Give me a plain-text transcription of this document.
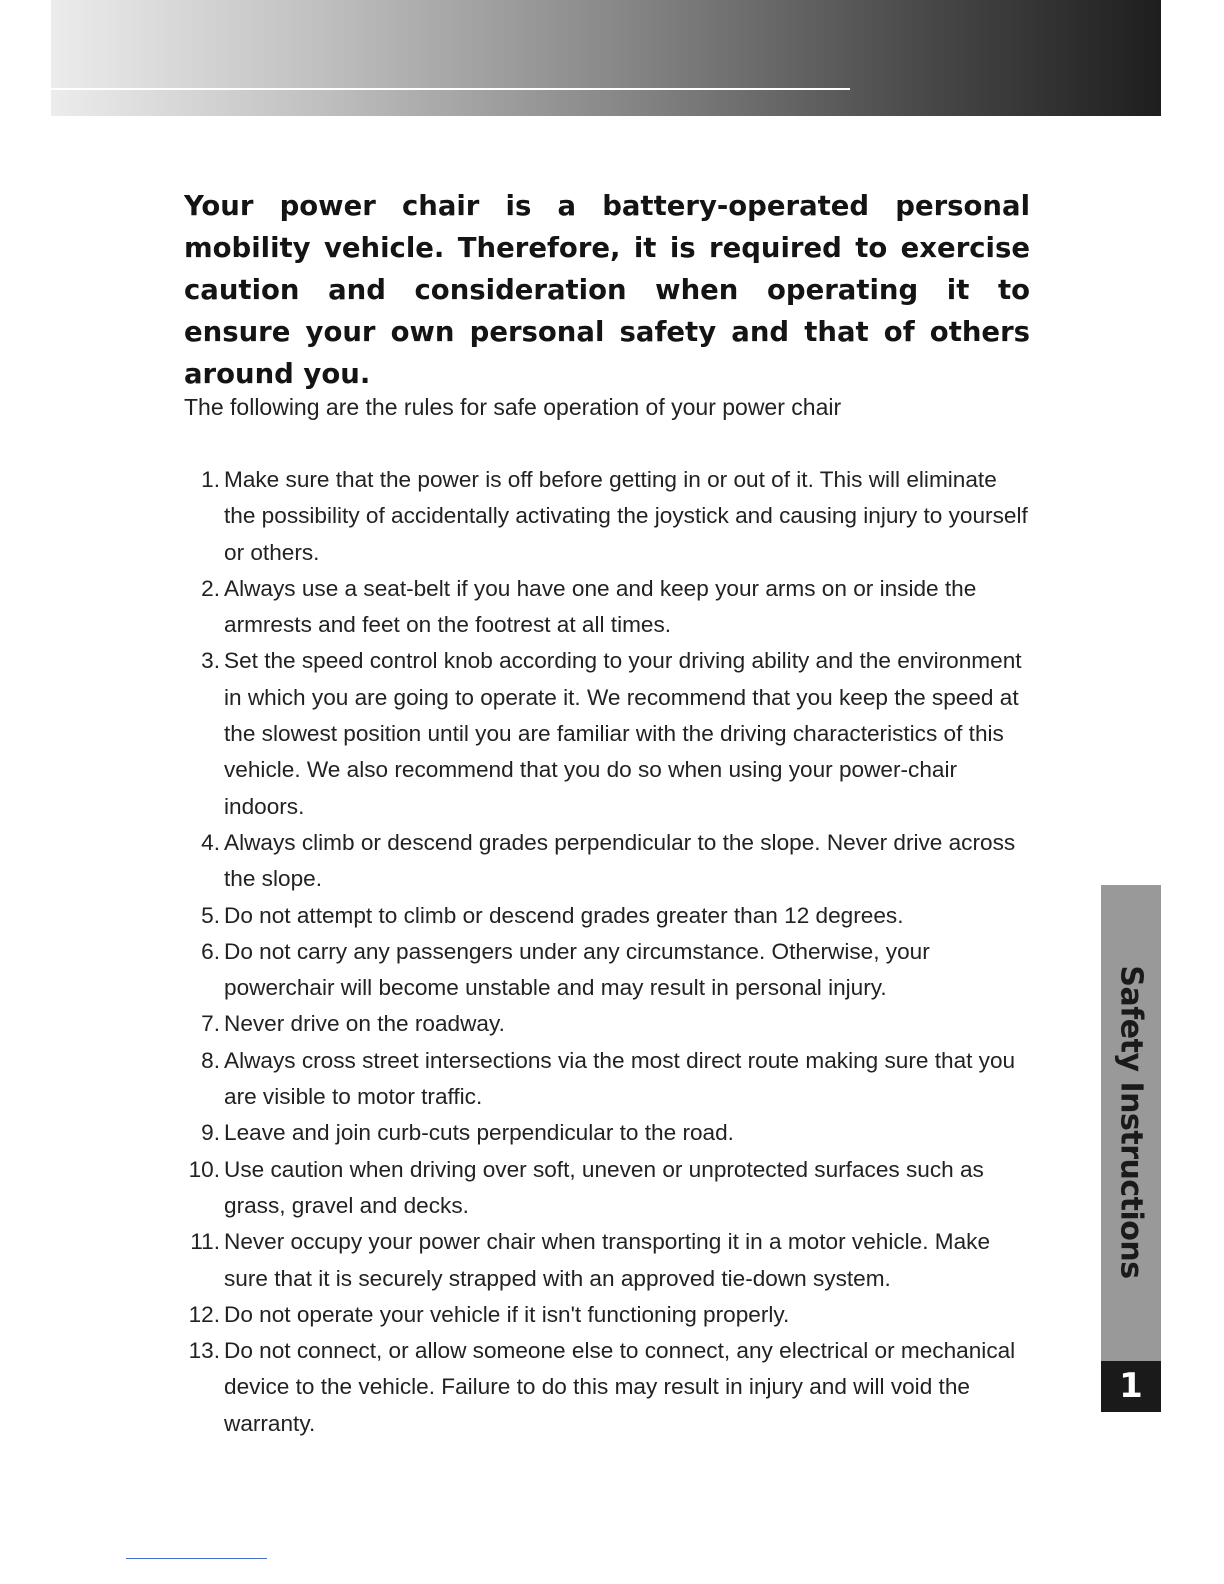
Your power chair is a battery-operated personal mobility vehicle. Therefore, it is required to exercise caution and consideration when operating it to ensure your own personal safety and that of others around you.

The following are the rules for safe operation of your power chair

1. Make sure that the power is off before getting in or out of it. This will eliminate the possibility of accidentally activating the joystick and causing injury to yourself or others.
2. Always use a seat-belt if you have one and keep your arms on or inside the armrests and feet on the footrest at all times.
3. Set the speed control knob according to your driving ability and the environment in which you are going to operate it. We recommend that you keep the speed at the slowest position until you are familiar with the driving characteristics of this vehicle. We also recommend that you do so when using your power-chair indoors.
4. Always climb or descend grades perpendicular to the slope. Never drive across the slope.
5. Do not attempt to climb or descend grades greater than 12 degrees.
6. Do not carry any passengers under any circumstance. Otherwise, your powerchair will become unstable and may result in personal injury.
7. Never drive on the roadway.
8. Always cross street intersections via the most direct route making sure that you are visible to motor traffic.
9. Leave and join curb-cuts perpendicular to the road.
10. Use caution when driving over soft, uneven or unprotected surfaces such as grass, gravel and decks.
11. Never occupy your power chair when transporting it in a motor vehicle. Make sure that it is securely strapped with an approved tie-down system.
12. Do not operate your vehicle if it isn't functioning properly.
13. Do not connect, or allow someone else to connect, any electrical or mechanical device to the vehicle. Failure to do this may result in injury and will void the warranty.
Safety Instructions
1
